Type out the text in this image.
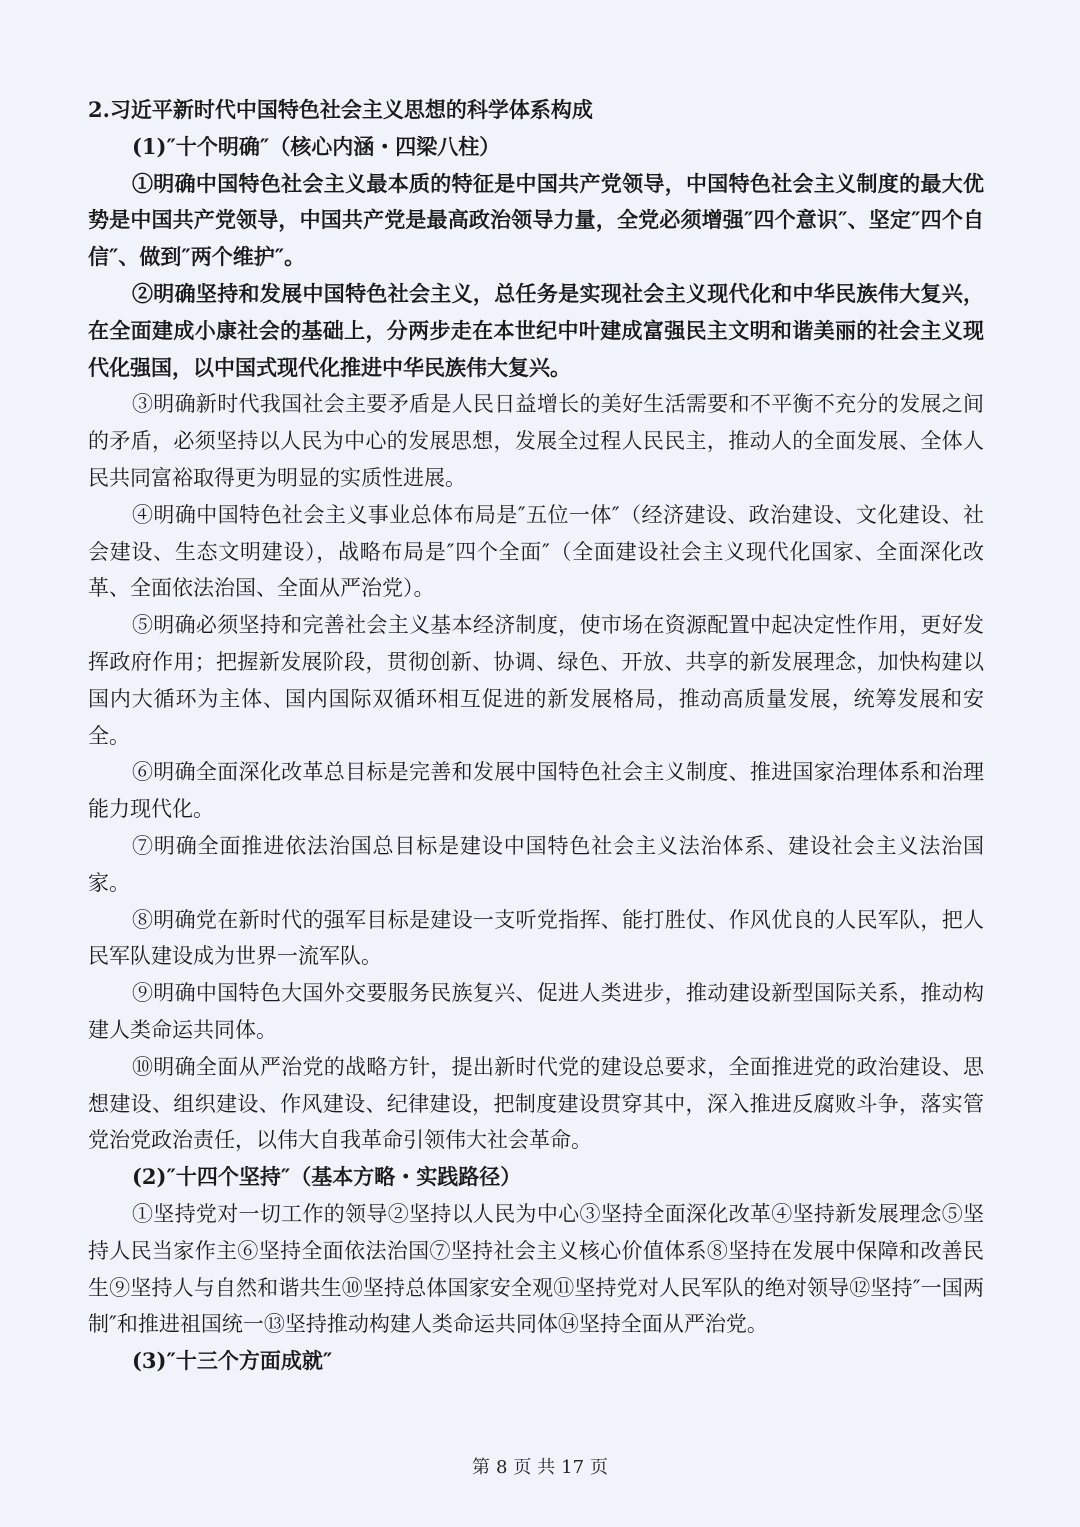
2.习近平新时代中国特色社会主义思想的科学体系构成

(1)″十个明确″（核心内涵・四梁八柱）

①明确中国特色社会主义最本质的特征是中国共产党领导，中国特色社会主义制度的最大优势是中国共产党领导，中国共产党是最高政治领导力量，全党必须增强″四个意识″、坚定″四个自信″、做到″两个维护″。

②明确坚持和发展中国特色社会主义，总任务是实现社会主义现代化和中华民族伟大复兴，在全面建成小康社会的基础上，分两步走在本世纪中叶建成富强民主文明和谐美丽的社会主义现代化强国，以中国式现代化推进中华民族伟大复兴。

③明确新时代我国社会主要矛盾是人民日益增长的美好生活需要和不平衡不充分的发展之间的矛盾，必须坚持以人民为中心的发展思想，发展全过程人民民主，推动人的全面发展、全体人民共同富裕取得更为明显的实质性进展。

④明确中国特色社会主义事业总体布局是″五位一体″（经济建设、政治建设、文化建设、社会建设、生态文明建设），战略布局是″四个全面″（全面建设社会主义现代化国家、全面深化改革、全面依法治国、全面从严治党）。

⑤明确必须坚持和完善社会主义基本经济制度，使市场在资源配置中起决定性作用，更好发挥政府作用；把握新发展阶段，贯彻创新、协调、绿色、开放、共享的新发展理念，加快构建以国内大循环为主体、国内国际双循环相互促进的新发展格局，推动高质量发展，统筹发展和安全。

⑥明确全面深化改革总目标是完善和发展中国特色社会主义制度、推进国家治理体系和治理能力现代化。

⑦明确全面推进依法治国总目标是建设中国特色社会主义法治体系、建设社会主义法治国家。

⑧明确党在新时代的强军目标是建设一支听党指挥、能打胜仗、作风优良的人民军队，把人民军队建设成为世界一流军队。

⑨明确中国特色大国外交要服务民族复兴、促进人类进步，推动建设新型国际关系，推动构建人类命运共同体。

⑩明确全面从严治党的战略方针，提出新时代党的建设总要求，全面推进党的政治建设、思想建设、组织建设、作风建设、纪律建设，把制度建设贯穿其中，深入推进反腐败斗争，落实管党治党政治责任，以伟大自我革命引领伟大社会革命。

(2)″十四个坚持″（基本方略・实践路径）

①坚持党对一切工作的领导②坚持以人民为中心③坚持全面深化改革④坚持新发展理念⑤坚持人民当家作主⑥坚持全面依法治国⑦坚持社会主义核心价值体系⑧坚持在发展中保障和改善民生⑨坚持人与自然和谐共生⑩坚持总体国家安全观⑪坚持党对人民军队的绝对领导⑫坚持″一国两制″和推进祖国统一⑬坚持推动构建人类命运共同体⑭坚持全面从严治党。

(3)″十三个方面成就″

第 8 页 共 17 页
